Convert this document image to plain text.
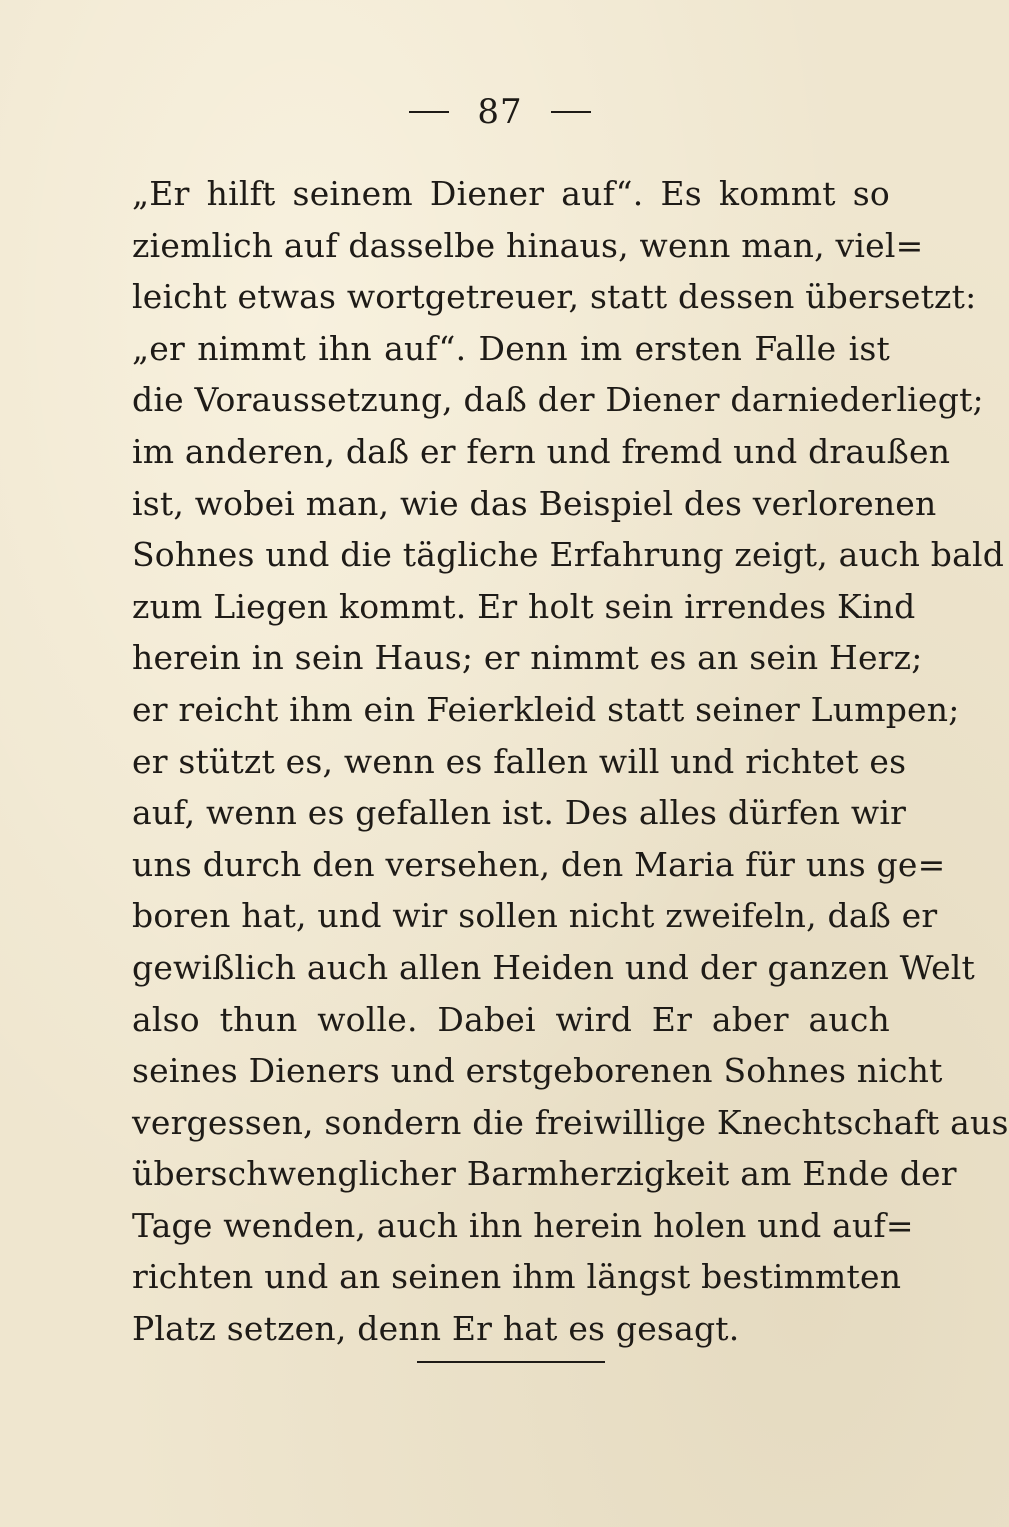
87
„Er hilft seinem Diener auf“. Es kommt so
ziemlich auf dasselbe hinaus, wenn man, viel=
leicht etwas wortgetreuer, statt dessen übersetzt:
„er nimmt ihn auf“. Denn im ersten Falle ist
die Voraussetzung, daß der Diener darniederliegt;
im anderen, daß er fern und fremd und draußen
ist, wobei man, wie das Beispiel des verlorenen
Sohnes und die tägliche Erfahrung zeigt, auch bald
zum Liegen kommt. Er holt sein irrendes Kind
herein in sein Haus; er nimmt es an sein Herz;
er reicht ihm ein Feierkleid statt seiner Lumpen;
er stützt es, wenn es fallen will und richtet es
auf, wenn es gefallen ist. Des alles dürfen wir
uns durch den versehen, den Maria für uns ge=
boren hat, und wir sollen nicht zweifeln, daß er
gewißlich auch allen Heiden und der ganzen Welt
also thun wolle. Dabei wird Er aber auch
seines Dieners und erstgeborenen Sohnes nicht
vergessen, sondern die freiwillige Knechtschaft aus
überschwenglicher Barmherzigkeit am Ende der
Tage wenden, auch ihn herein holen und auf=
richten und an seinen ihm längst bestimmten
Platz setzen, denn Er hat es gesagt.
